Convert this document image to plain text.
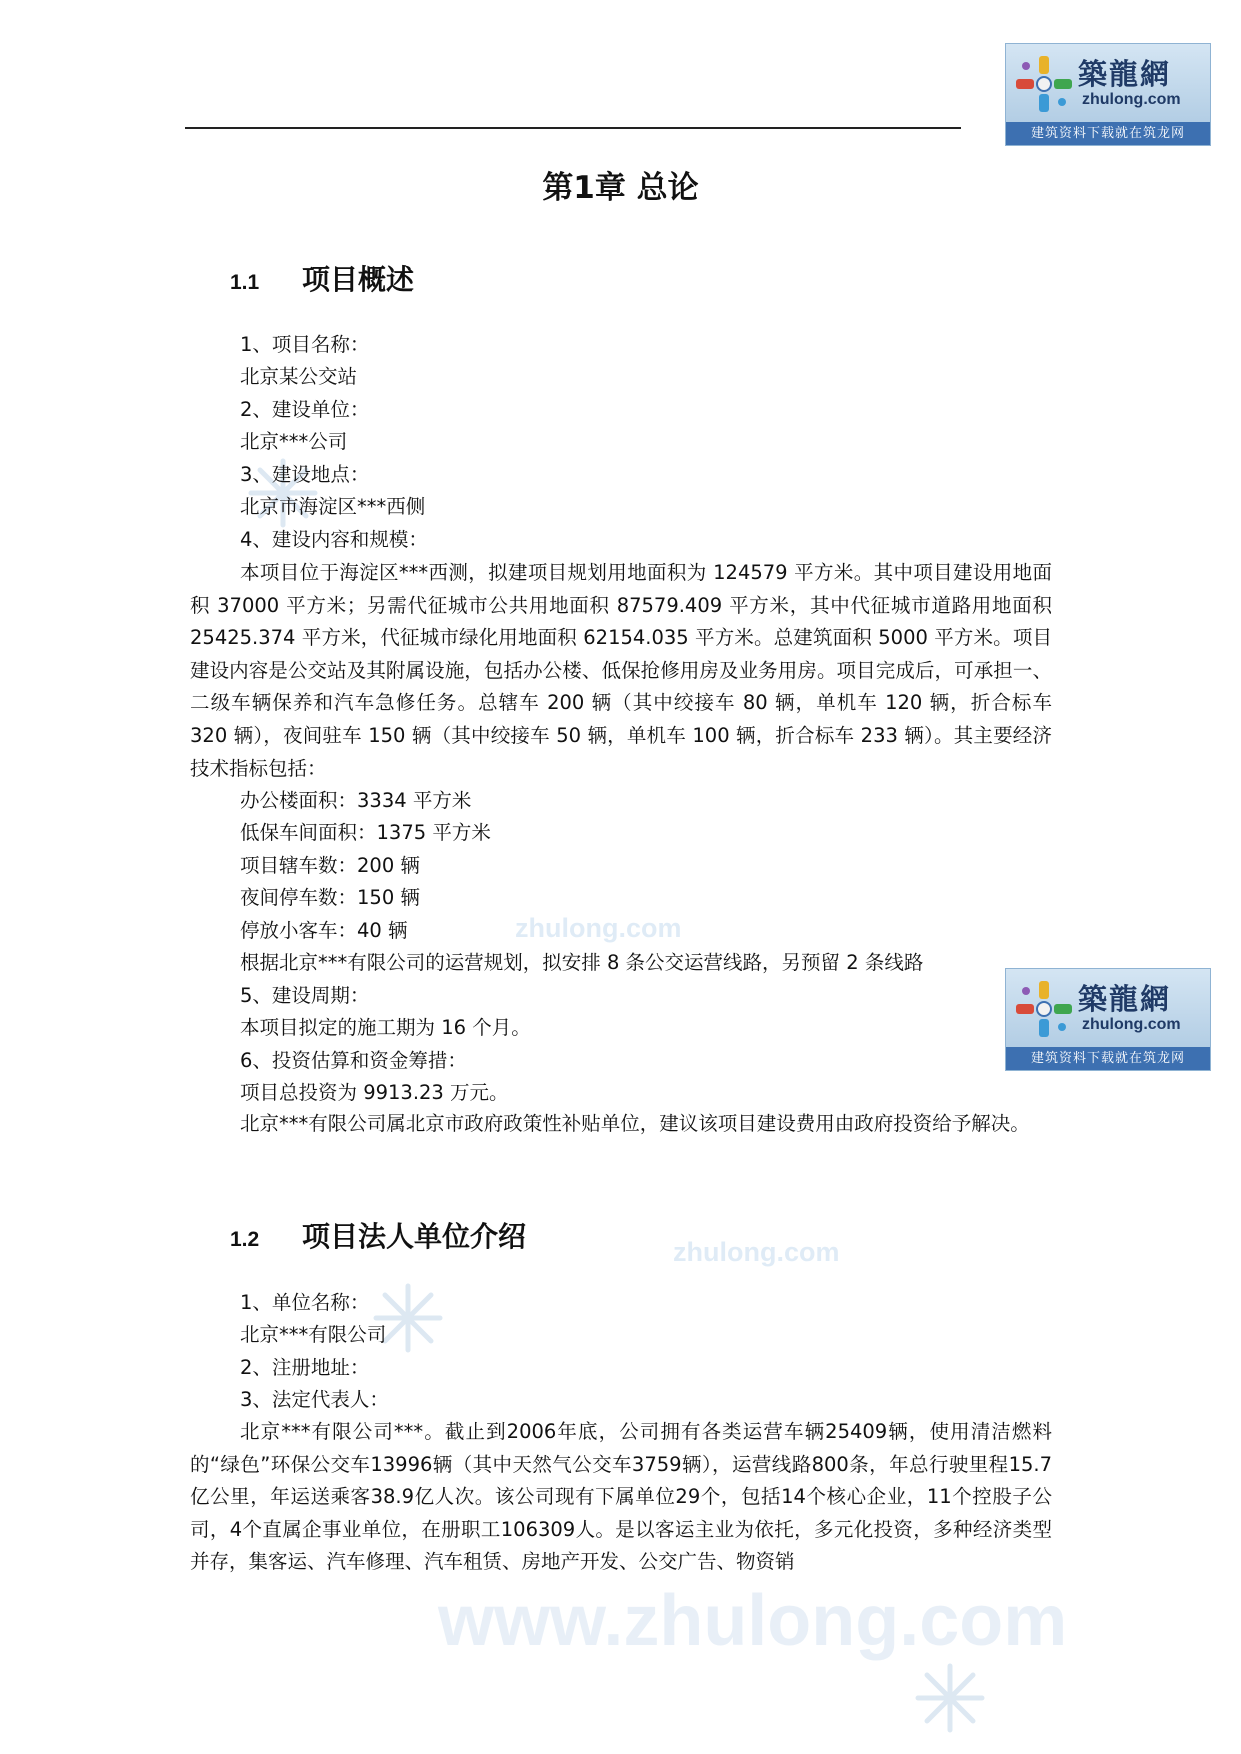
築龍網
zhulong.com
建筑资料下载就在筑龙网
築龍網
zhulong.com
建筑资料下载就在筑龙网
zhulong.com
zhulong.com
www.zhulong.com
第1章 总论
1.1 项目概述

1、项目名称：

北京某公交站

2、建设单位：

北京***公司

3、建设地点：

北京市海淀区***西侧

4、建设内容和规模：

本项目位于海淀区***西测，拟建项目规划用地面积为 124579 平方米。其中项目建设用地面积 37000 平方米；另需代征城市公共用地面积 87579.409 平方米，其中代征城市道路用地面积 25425.374 平方米，代征城市绿化用地面积 62154.035 平方米。总建筑面积 5000 平方米。项目建设内容是公交站及其附属设施，包括办公楼、低保抢修用房及业务用房。项目完成后，可承担一、二级车辆保养和汽车急修任务。总辖车 200 辆（其中绞接车 80 辆，单机车 120 辆，折合标车 320 辆），夜间驻车 150 辆（其中绞接车 50 辆，单机车 100 辆，折合标车 233 辆）。其主要经济技术指标包括：

办公楼面积：3334 平方米

低保车间面积：1375 平方米

项目辖车数：200 辆

夜间停车数：150 辆

停放小客车：40 辆

根据北京***有限公司的运营规划，拟安排 8 条公交运营线路，另预留 2 条线路

5、建设周期：

本项目拟定的施工期为 16 个月。

6、投资估算和资金筹措：

项目总投资为 9913.23 万元。

北京***有限公司属北京市政府政策性补贴单位，建议该项目建设费用由政府投资给予解决。

1.2 项目法人单位介绍

1、单位名称：

北京***有限公司

2、注册地址：

3、法定代表人：

北京***有限公司***。截止到2006年底，公司拥有各类运营车辆25409辆，使用清洁燃料的“绿色”环保公交车13996辆（其中天然气公交车3759辆），运营线路800条，年总行驶里程15.7亿公里，年运送乘客38.9亿人次。该公司现有下属单位29个，包括14个核心企业，11个控股子公司，4个直属企事业单位，在册职工106309人。是以客运主业为依托，多元化投资，多种经济类型并存，集客运、汽车修理、汽车租赁、房地产开发、公交广告、物资销
